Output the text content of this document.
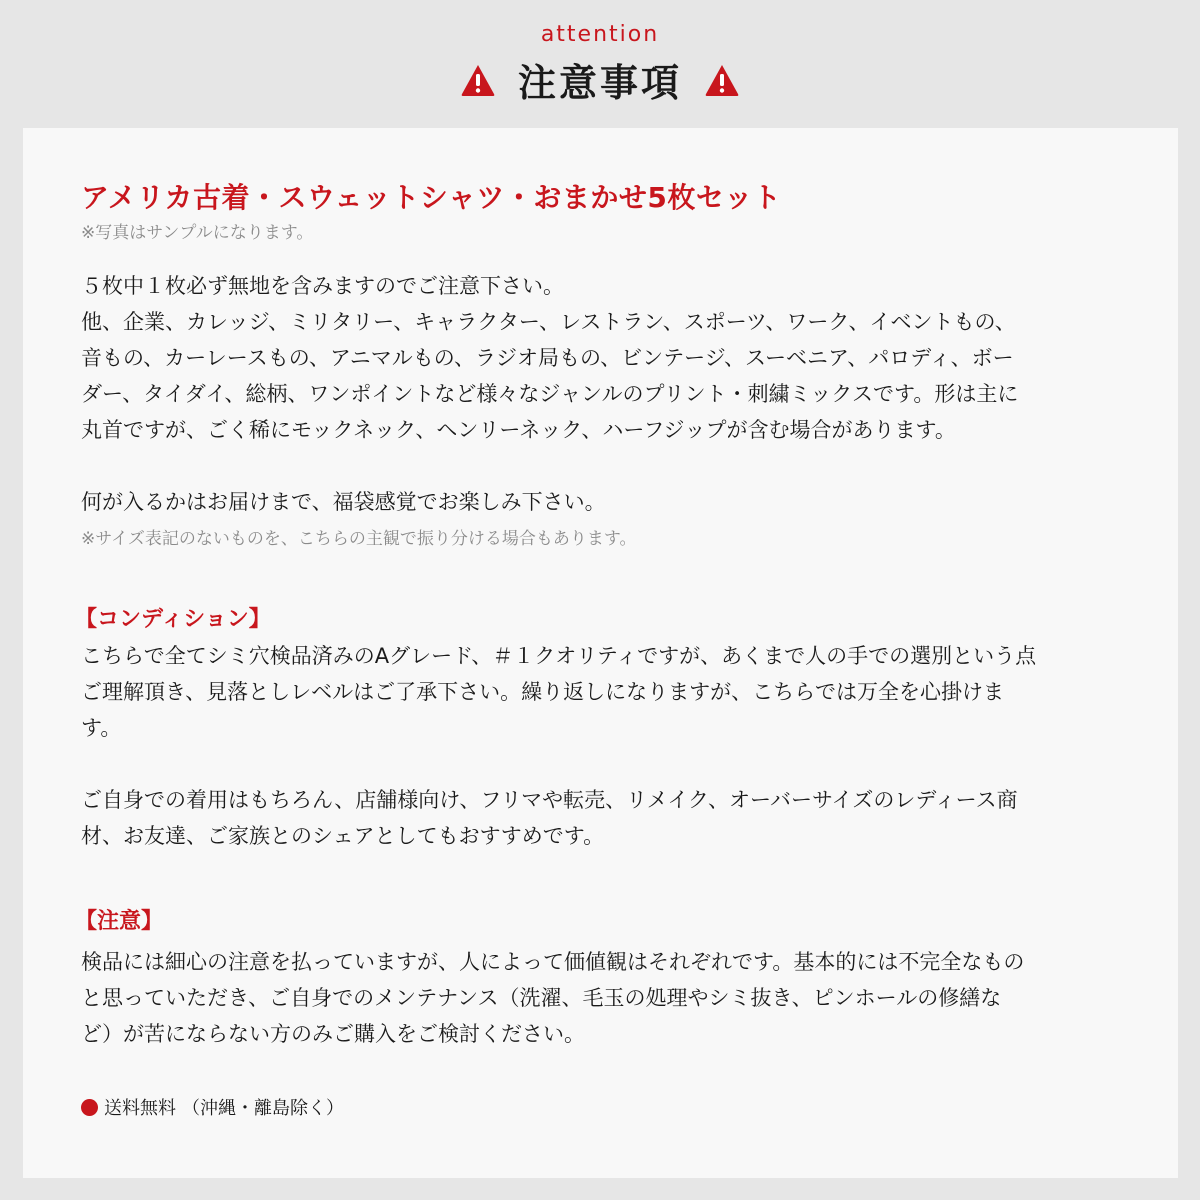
attention
注意事項
アメリカ古着・スウェットシャツ・おまかせ5枚セット
※写真はサンプルになります。
５枚中１枚必ず無地を含みますのでご注意下さい。
他、企業、カレッジ、ミリタリー、キャラクター、レストラン、スポーツ、ワーク、イベントもの、
音もの、カーレースもの、アニマルもの、ラジオ局もの、ビンテージ、スーベニア、パロディ、ボー
ダー、タイダイ、総柄、ワンポイントなど様々なジャンルのプリント・刺繍ミックスです。形は主に
丸首ですが、ごく稀にモックネック、ヘンリーネック、ハーフジップが含む場合があります。
何が入るかはお届けまで、福袋感覚でお楽しみ下さい。
※サイズ表記のないものを、こちらの主観で振り分ける場合もあります。
【コンディション】
こちらで全てシミ穴検品済みのAグレード、＃１クオリティですが、あくまで人の手での選別という点
ご理解頂き、見落としレベルはご了承下さい。繰り返しになりますが、こちらでは万全を心掛けま
す。
ご自身での着用はもちろん、店舗様向け、フリマや転売、リメイク、オーバーサイズのレディース商
材、お友達、ご家族とのシェアとしてもおすすめです。
【注意】
検品には細心の注意を払っていますが、人によって価値観はそれぞれです。基本的には不完全なもの
と思っていただき、ご自身でのメンテナンス（洗濯、毛玉の処理やシミ抜き、ピンホールの修繕な
ど）が苦にならない方のみご購入をご検討ください。
送料無料 （沖縄・離島除く）
